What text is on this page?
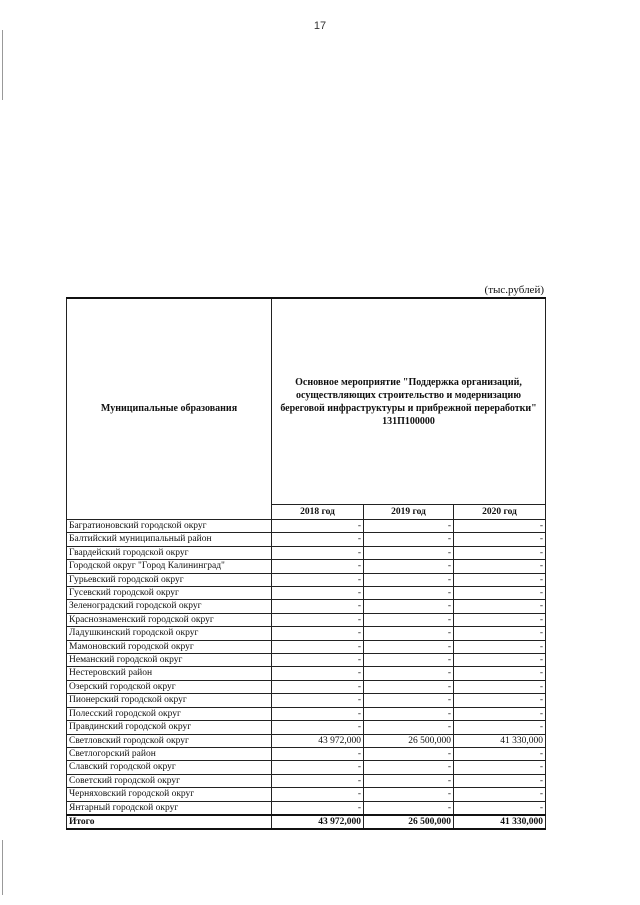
17
(тыс.рублей)
Муниципальные образования	Основное мероприятие "Поддержка организаций, осуществляющих строительство и модернизацию береговой инфраструктуры и прибрежной переработки" 131П100000		
	2018 год	2019 год	2020 год
Багратионовский городской округ	-	-	-
Балтийский муниципальный район	-	-	-
Гвардейский городской округ	-	-	-
Городской округ "Город Калининград"	-	-	-
Гурьевский городской округ	-	-	-
Гусевский городской округ	-	-	-
Зеленоградский городской округ	-	-	-
Краснознаменский городской округ	-	-	-
Ладушкинский городской округ	-	-	-
Мамоновский городской округ	-	-	-
Неманский городской округ	-	-	-
Нестеровский район	-	-	-
Озерский городской округ	-	-	-
Пионерский городской округ	-	-	-
Полесский городской округ	-	-	-
Правдинский городской округ	-	-	-
Светловский городской округ	43 972,000	26 500,000	41 330,000
Светлогорский район	-	-	-
Славский городской округ	-	-	-
Советский городской округ	-	-	-
Черняховский городской округ	-	-	-
Янтарный городской округ	-	-	-
Итого	43 972,000	26 500,000	41 330,000
